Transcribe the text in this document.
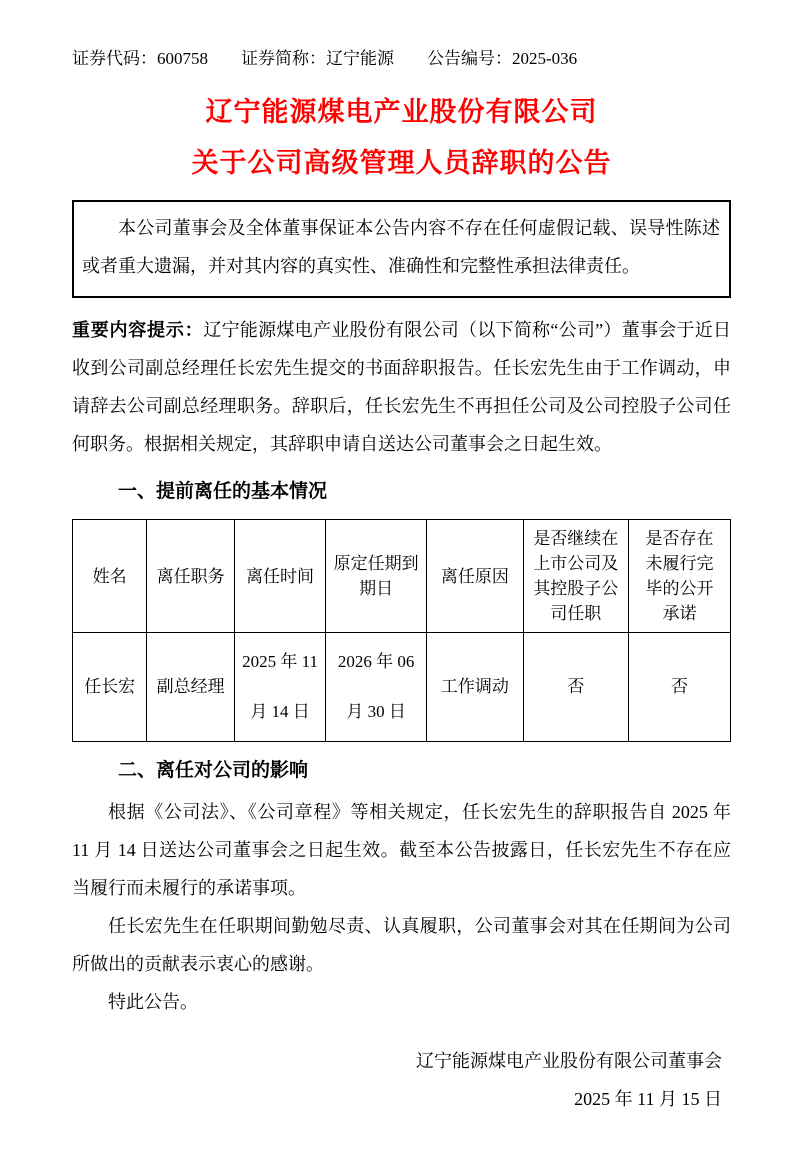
证券代码：600758 证券简称：辽宁能源 公告编号：2025-036
辽宁能源煤电产业股份有限公司
关于公司高级管理人员辞职的公告
本公司董事会及全体董事保证本公告内容不存在任何虚假记载、误导性陈述或者重大遗漏，并对其内容的真实性、准确性和完整性承担法律责任。

重要内容提示：辽宁能源煤电产业股份有限公司（以下简称“公司”）董事会于近日收到公司副总经理任长宏先生提交的书面辞职报告。任长宏先生由于工作调动，申请辞去公司副总经理职务。辞职后，任长宏先生不再担任公司及公司控股子公司任何职务。根据相关规定，其辞职申请自送达公司董事会之日起生效。

一、提前离任的基本情况
姓名	离任职务	离任时间	原定任期到期日	离任原因	是否继续在上市公司及其控股子公司任职	是否存在未履行完毕的公开承诺
任长宏	副总经理	2025 年 11 月 14 日	2026 年 06 月 30 日	工作调动	否	否
二、离任对公司的影响

根据《公司法》、《公司章程》等相关规定，任长宏先生的辞职报告自 2025 年 11 月 14 日送达公司董事会之日起生效。截至本公告披露日，任长宏先生不存在应当履行而未履行的承诺事项。

任长宏先生在任职期间勤勉尽责、认真履职，公司董事会对其在任期间为公司所做出的贡献表示衷心的感谢。

特此公告。

辽宁能源煤电产业股份有限公司董事会
2025 年 11 月 15 日
